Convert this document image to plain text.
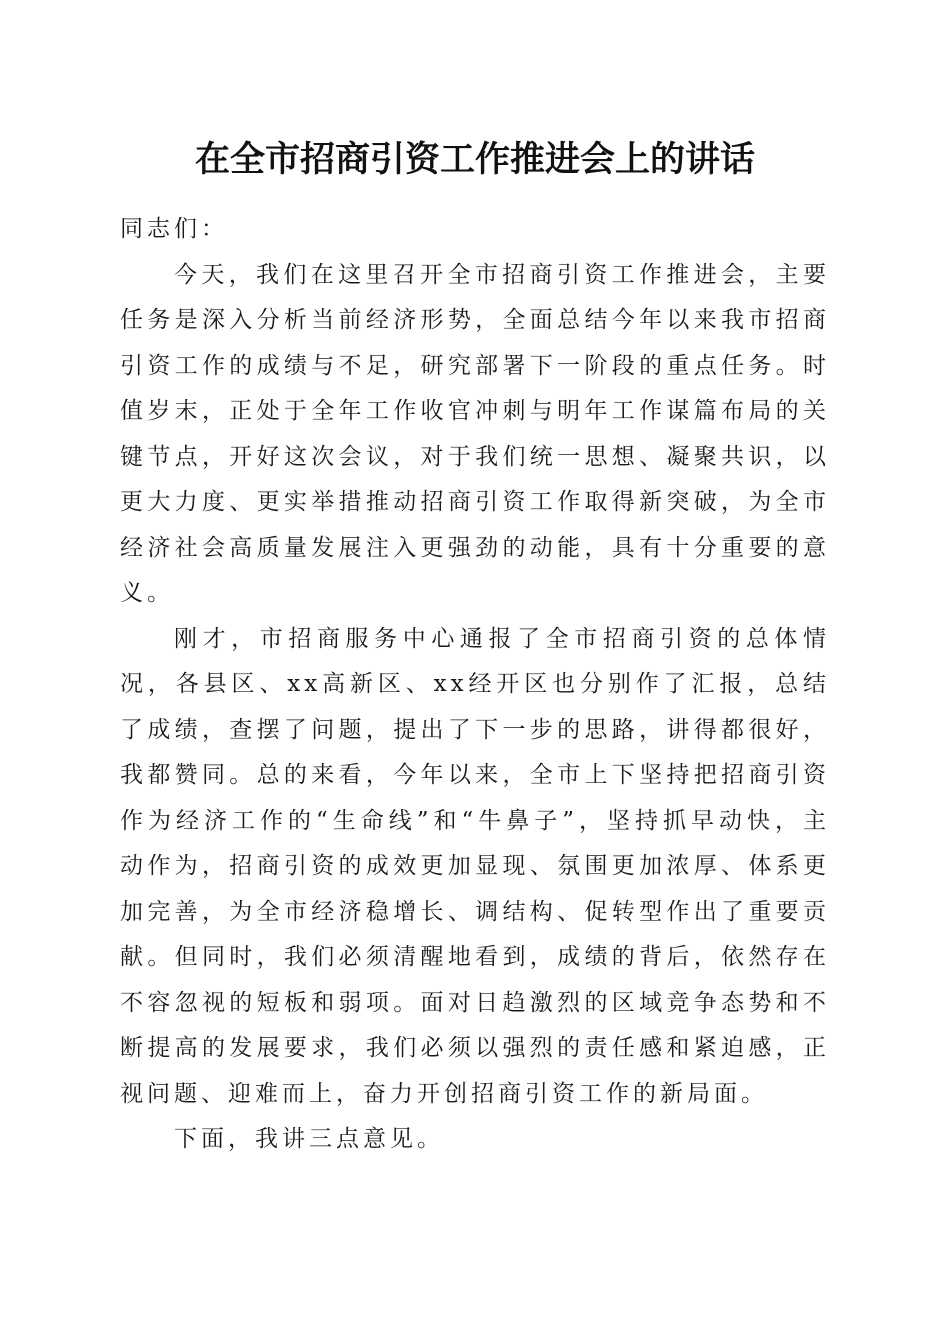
在全市招商引资工作推进会上的讲话

同志们：

今天，我们在这里召开全市招商引资工作推进会，主要任务是深入分析当前经济形势，全面总结今年以来我市招商引资工作的成绩与不足，研究部署下一阶段的重点任务。时值岁末，正处于全年工作收官冲刺与明年工作谋篇布局的关键节点，开好这次会议，对于我们统一思想、凝聚共识，以更大力度、更实举措推动招商引资工作取得新突破，为全市经济社会高质量发展注入更强劲的动能，具有十分重要的意义。

刚才，市招商服务中心通报了全市招商引资的总体情况，各县区、xx高新区、xx经开区也分别作了汇报，总结了成绩，查摆了问题，提出了下一步的思路，讲得都很好，我都赞同。总的来看，今年以来，全市上下坚持把招商引资作为经济工作的“生命线”和“牛鼻子”，坚持抓早动快，主动作为，招商引资的成效更加显现、氛围更加浓厚、体系更加完善，为全市经济稳增长、调结构、促转型作出了重要贡献。但同时，我们必须清醒地看到，成绩的背后，依然存在不容忽视的短板和弱项。面对日趋激烈的区域竞争态势和不断提高的发展要求，我们必须以强烈的责任感和紧迫感，正视问题、迎难而上，奋力开创招商引资工作的新局面。

下面，我讲三点意见。
